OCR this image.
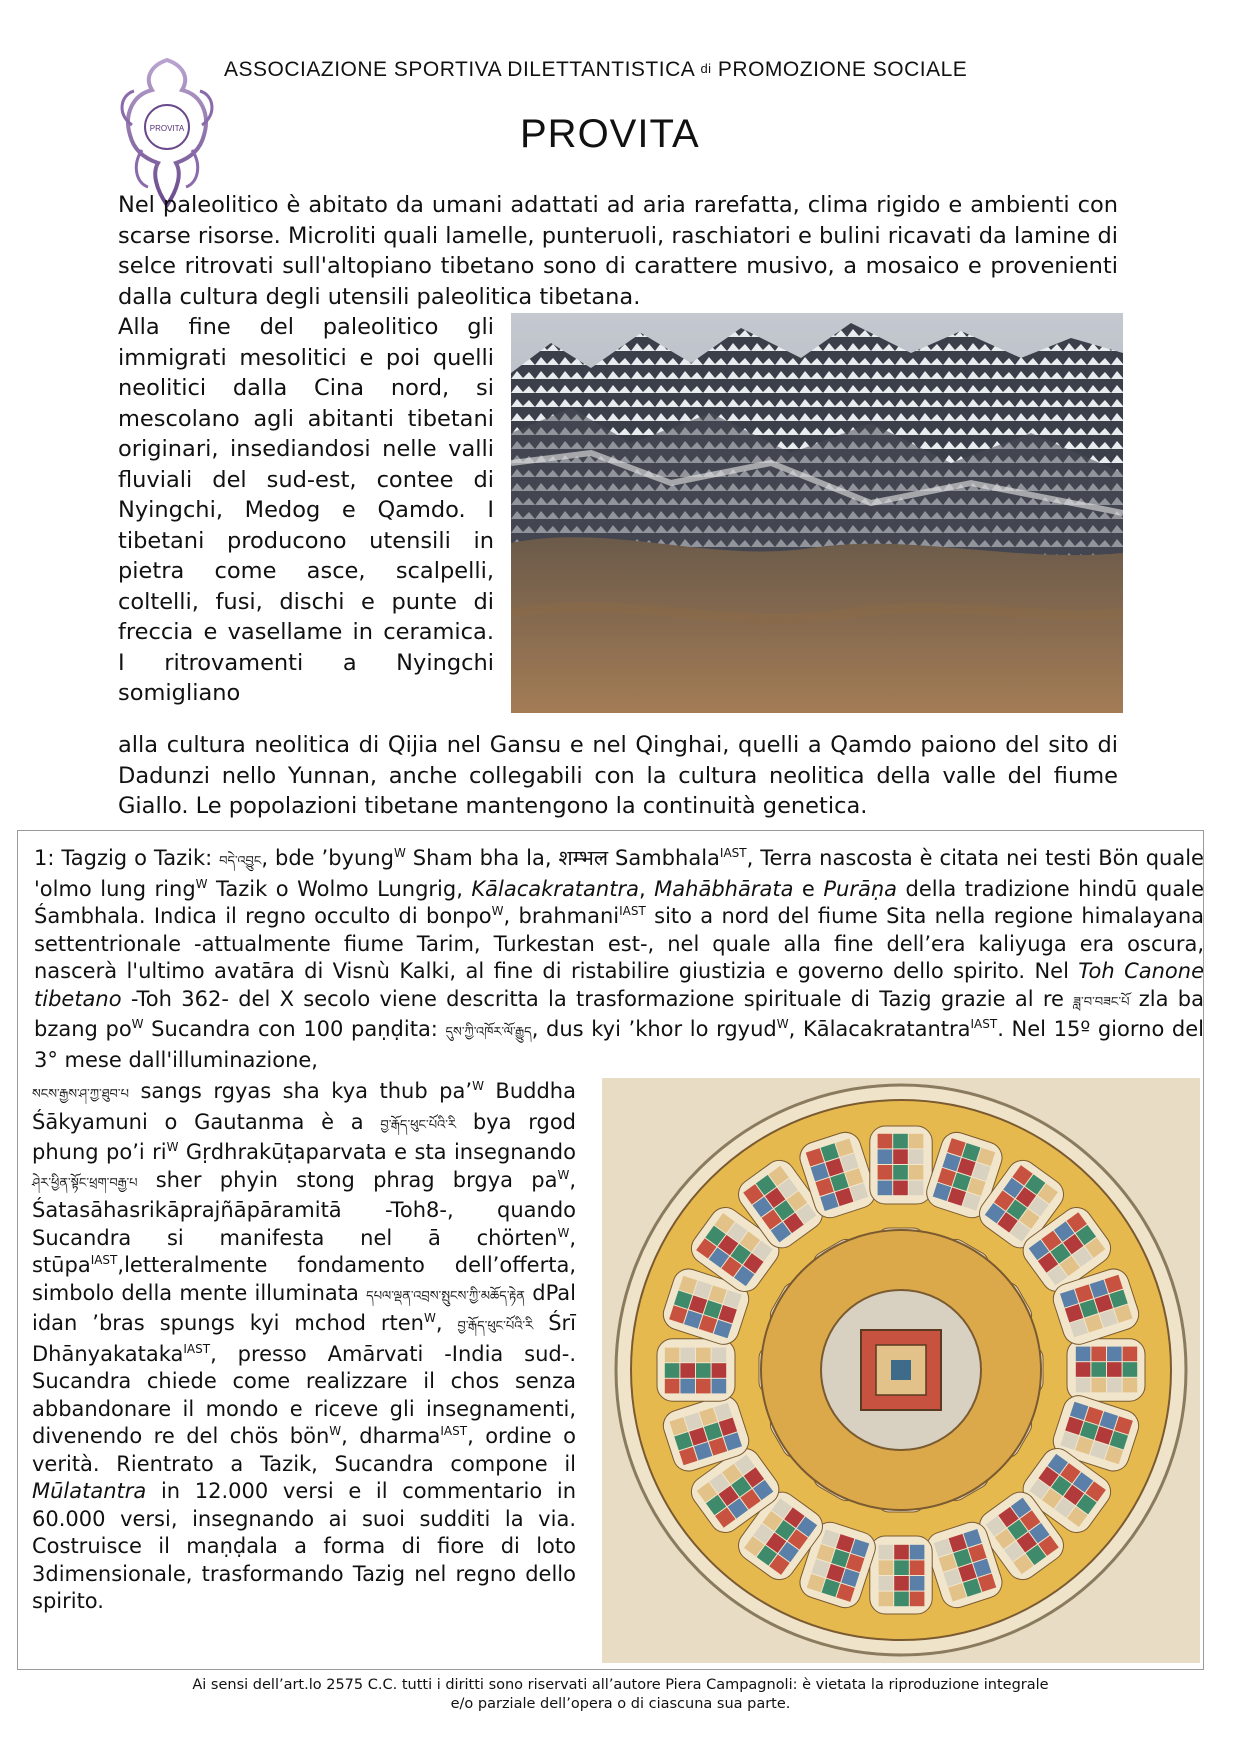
ASSOCIAZIONE SPORTIVA DILETTANTISTICA di PROMOZIONE SOCIALE
PROVITA	PROVITA

Nel paleolitico è abitato da umani adattati ad aria rarefatta, clima rigido e ambienti con scarse risorse. Microliti quali lamelle, punteruoli, raschiatori e bulini ricavati da lamine di selce ritrovati sull'altopiano tibetano sono di carattere musivo, a mosaico e provenienti dalla cultura degli utensili paleolitica tibetana.

Alla fine del paleolitico gli immigrati mesolitici e poi quelli neolitici dalla Cina nord, si mescolano agli abitanti tibetani originari, insediandosi nelle valli fluviali del sud-est, contee di Nyingchi, Medog e Qamdo. I tibetani producono utensili in pietra come asce, scalpelli, coltelli, fusi, dischi e punte di freccia e vasellame in ceramica. I ritrovamenti a Nyingchi somigliano

alla cultura neolitica di Qijia nel Gansu e nel Qinghai, quelli a Qamdo paiono del sito di Dadunzi nello Yunnan, anche collegabili con la cultura neolitica della valle del fiume Giallo. Le popolazioni tibetane mantengono la continuità genetica.

1: Tagzig o Tazik: བདེ་འབྱུང, bde ’byung$^W$ Sham bha la, शम्भल Sambhala$^{IAST}$, Terra nascosta è citata nei testi Bön quale 'olmo lung ring$^W$ Tazik o Wolmo Lungrig, Kālacakratantra, Mahābhārata e Purāṇa della tradizione hindū quale Śambhala. Indica il regno occulto di bonpo$^W$, brahmani$^{IAST}$ sito a nord del fiume Sita nella regione himalayana settentrionale -attualmente fiume Tarim, Turkestan est-, nel quale alla fine dell’era kaliyuga era oscura, nascerà l'ultimo avatāra di Visnù Kalki, al fine di ristabilire giustizia e governo dello spirito. Nel Toh Canone tibetano -Toh 362- del X secolo viene descritta la trasformazione spirituale di Tazig grazie al re ཟླ་བ་བཟང་པོ zla ba bzang $po^W$ Sucandra con 100 paṇḍita: དུས་ཀྱི་འཁོར་ལོ་རྒྱུད, dus kyi ’khor lo rgyud$^W$, Kālacakratantra$^{IAST}$. Nel 15º giorno del 3° mese dall'illuminazione,

སངས་རྒྱས་ཤ་ཀྱ་ཐུབ་པ sangs rgyas sha kya thub pa’$^W$ Buddha Śākyamuni o Gautanma è a བྱ་རྒོད་ཕུང་པོའི་རི bya rgod phung po’i $ri^W$ Gṛdhrakūṭaparvata e sta insegnando ཤེར་ཕྱིན་སྟོང་ཕྲག་བརྒྱ་པ sher phyin stong phrag brgya $pa^W$, Śatasāhasrikāprajñāpāramitā -Toh8-, quando Sucandra si manifesta nel ā chörten$^W$, stūpa$^{IAST}$,letteralmente fondamento dell’offerta, simbolo della mente illuminata དཔལ་ལྡན་འབྲས་སྤུངས་ཀྱི་མཆོད་རྟེན dPal idan ’bras spungs kyi mchod rten$^W$, བྱ་རྒོད་ཕུང་པོའི་རི Śrī Dhānyakataka$^{IAST}$, presso Amārvati -India sud-. Sucandra chiede come realizzare il chos senza abbandonare il mondo e riceve gli insegnamenti, divenendo re del chös bön$^W$, dharma$^{IAST}$, ordine o verità. Rientrato a Tazik, Sucandra compone il Mūlatantra in 12.000 versi e il commentario in 60.000 versi, insegnando ai suoi sudditi la via. Costruisce il maṇḍala a forma di fiore di loto 3dimensionale, trasformando Tazig nel regno dello spirito.

Ai sensi dell’art.lo 2575 C.C. tutti i diritti sono riservati all’autore Piera Campagnoli: è vietata la riproduzione integrale
e/o parziale dell’opera o di ciascuna sua parte.
